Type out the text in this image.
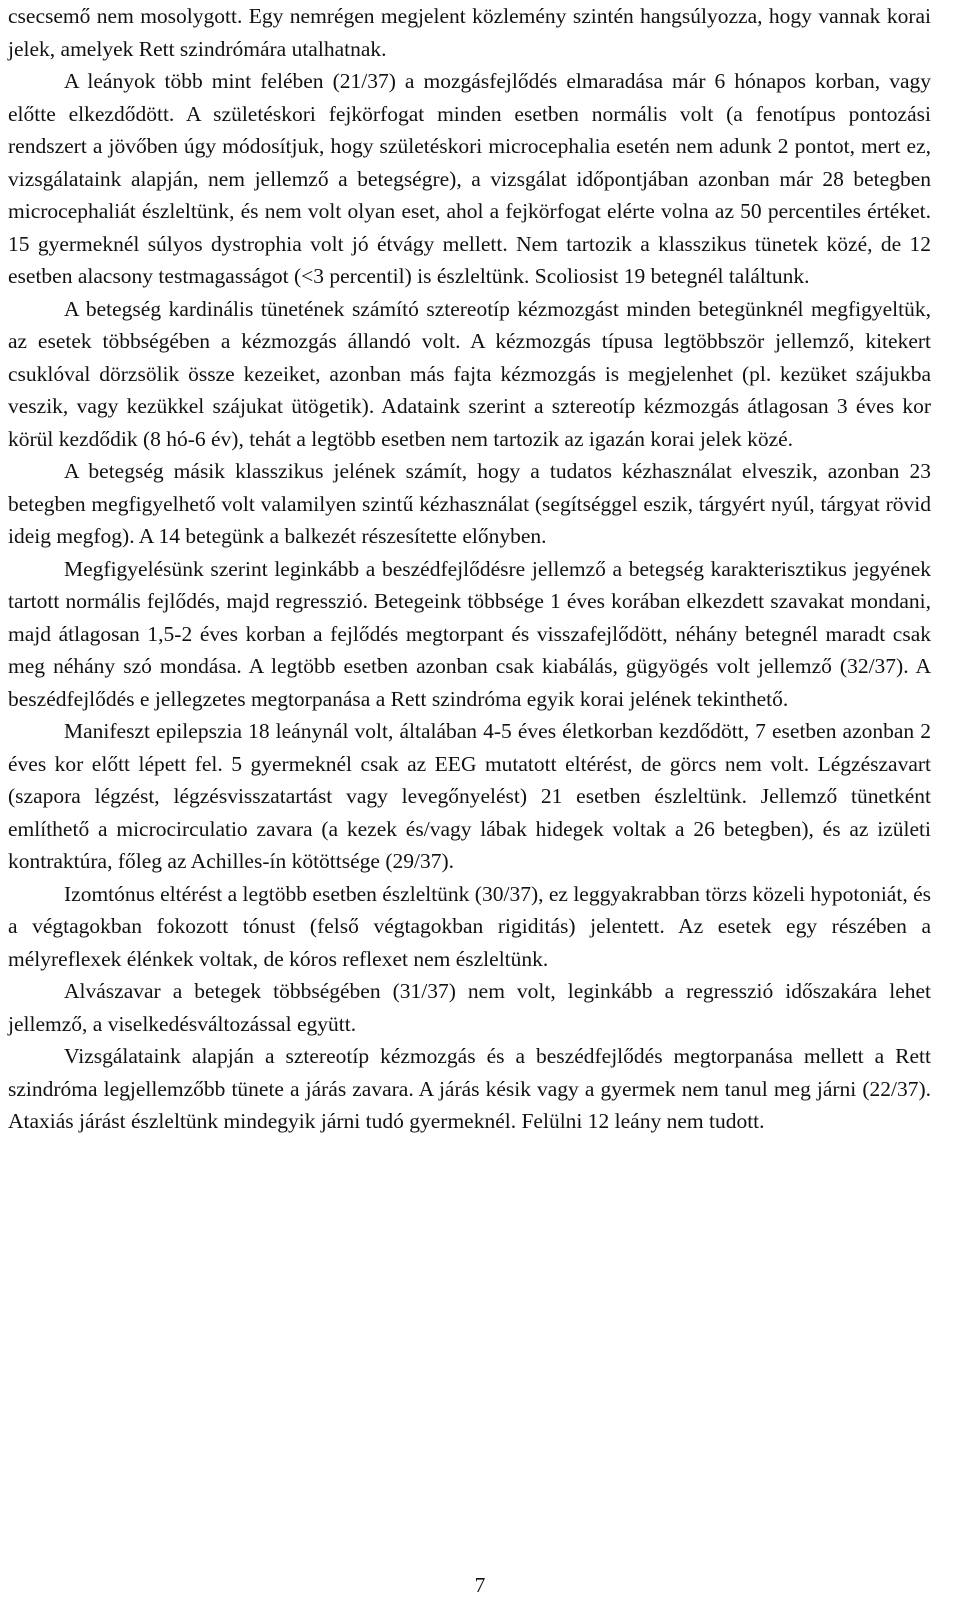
csecsemő nem mosolygott. Egy nemrégen megjelent közlemény szintén hangsúlyozza, hogy vannak korai jelek, amelyek Rett szindrómára utalhatnak.

A leányok több mint felében (21/37) a mozgásfejlődés elmaradása már 6 hónapos korban, vagy előtte elkezdődött. A születéskori fejkörfogat minden esetben normális volt (a fenotípus pontozási rendszert a jövőben úgy módosítjuk, hogy születéskori microcephalia esetén nem adunk 2 pontot, mert ez, vizsgálataink alapján, nem jellemző a betegségre), a vizsgálat időpontjában azonban már 28 betegben microcephaliát észleltünk, és nem volt olyan eset, ahol a fejkörfogat elérte volna az 50 percentiles értéket. 15 gyermeknél súlyos dystrophia volt jó étvágy mellett. Nem tartozik a klasszikus tünetek közé, de 12 esetben alacsony testmagasságot (<3 percentil) is észleltünk. Scoliosist 19 betegnél találtunk.

A betegség kardinális tünetének számító sztereotíp kézmozgást minden betegünknél megfigyeltük, az esetek többségében a kézmozgás állandó volt. A kézmozgás típusa legtöbbször jellemző, kitekert csuklóval dörzsölik össze kezeiket, azonban más fajta kézmozgás is megjelenhet (pl. kezüket szájukba veszik, vagy kezükkel szájukat ütögetik). Adataink szerint a sztereotíp kézmozgás átlagosan 3 éves kor körül kezdődik (8 hó-6 év), tehát a legtöbb esetben nem tartozik az igazán korai jelek közé.

A betegség másik klasszikus jelének számít, hogy a tudatos kézhasználat elveszik, azonban 23 betegben megfigyelhető volt valamilyen szintű kézhasználat (segítséggel eszik, tárgyért nyúl, tárgyat rövid ideig megfog). A 14 betegünk a balkezét részesítette előnyben.

Megfigyelésünk szerint leginkább a beszédfejlődésre jellemző a betegség karakterisztikus jegyének tartott normális fejlődés, majd regresszió. Betegeink többsége 1 éves korában elkezdett szavakat mondani, majd átlagosan 1,5-2 éves korban a fejlődés megtorpant és visszafejlődött, néhány betegnél maradt csak meg néhány szó mondása. A legtöbb esetben azonban csak kiabálás, gügyögés volt jellemző (32/37). A beszédfejlődés e jellegzetes megtorpanása a Rett szindróma egyik korai jelének tekinthető.

Manifeszt epilepszia 18 leánynál volt, általában 4-5 éves életkorban kezdődött, 7 esetben azonban 2 éves kor előtt lépett fel. 5 gyermeknél csak az EEG mutatott eltérést, de görcs nem volt. Légzészavart (szapora légzést, légzésvisszatartást vagy levegőnyelést) 21 esetben észleltünk. Jellemző tünetként említhető a microcirculatio zavara (a kezek és/vagy lábak hidegek voltak a 26 betegben), és az izületi kontraktúra, főleg az Achilles-ín kötöttsége (29/37).

Izomtónus eltérést a legtöbb esetben észleltünk (30/37), ez leggyakrabban törzs közeli hypotoniát, és a végtagokban fokozott tónust (felső végtagokban rigiditás) jelentett. Az esetek egy részében a mélyreflexek élénkek voltak, de kóros reflexet nem észleltünk.

Alvászavar a betegek többségében (31/37) nem volt, leginkább a regresszió időszakára lehet jellemző, a viselkedésváltozással együtt.

Vizsgálataink alapján a sztereotíp kézmozgás és a beszédfejlődés megtorpanása mellett a Rett szindróma legjellemzőbb tünete a járás zavara. A járás késik vagy a gyermek nem tanul meg járni (22/37). Ataxiás járást észleltünk mindegyik járni tudó gyermeknél. Felülni 12 leány nem tudott.

7
